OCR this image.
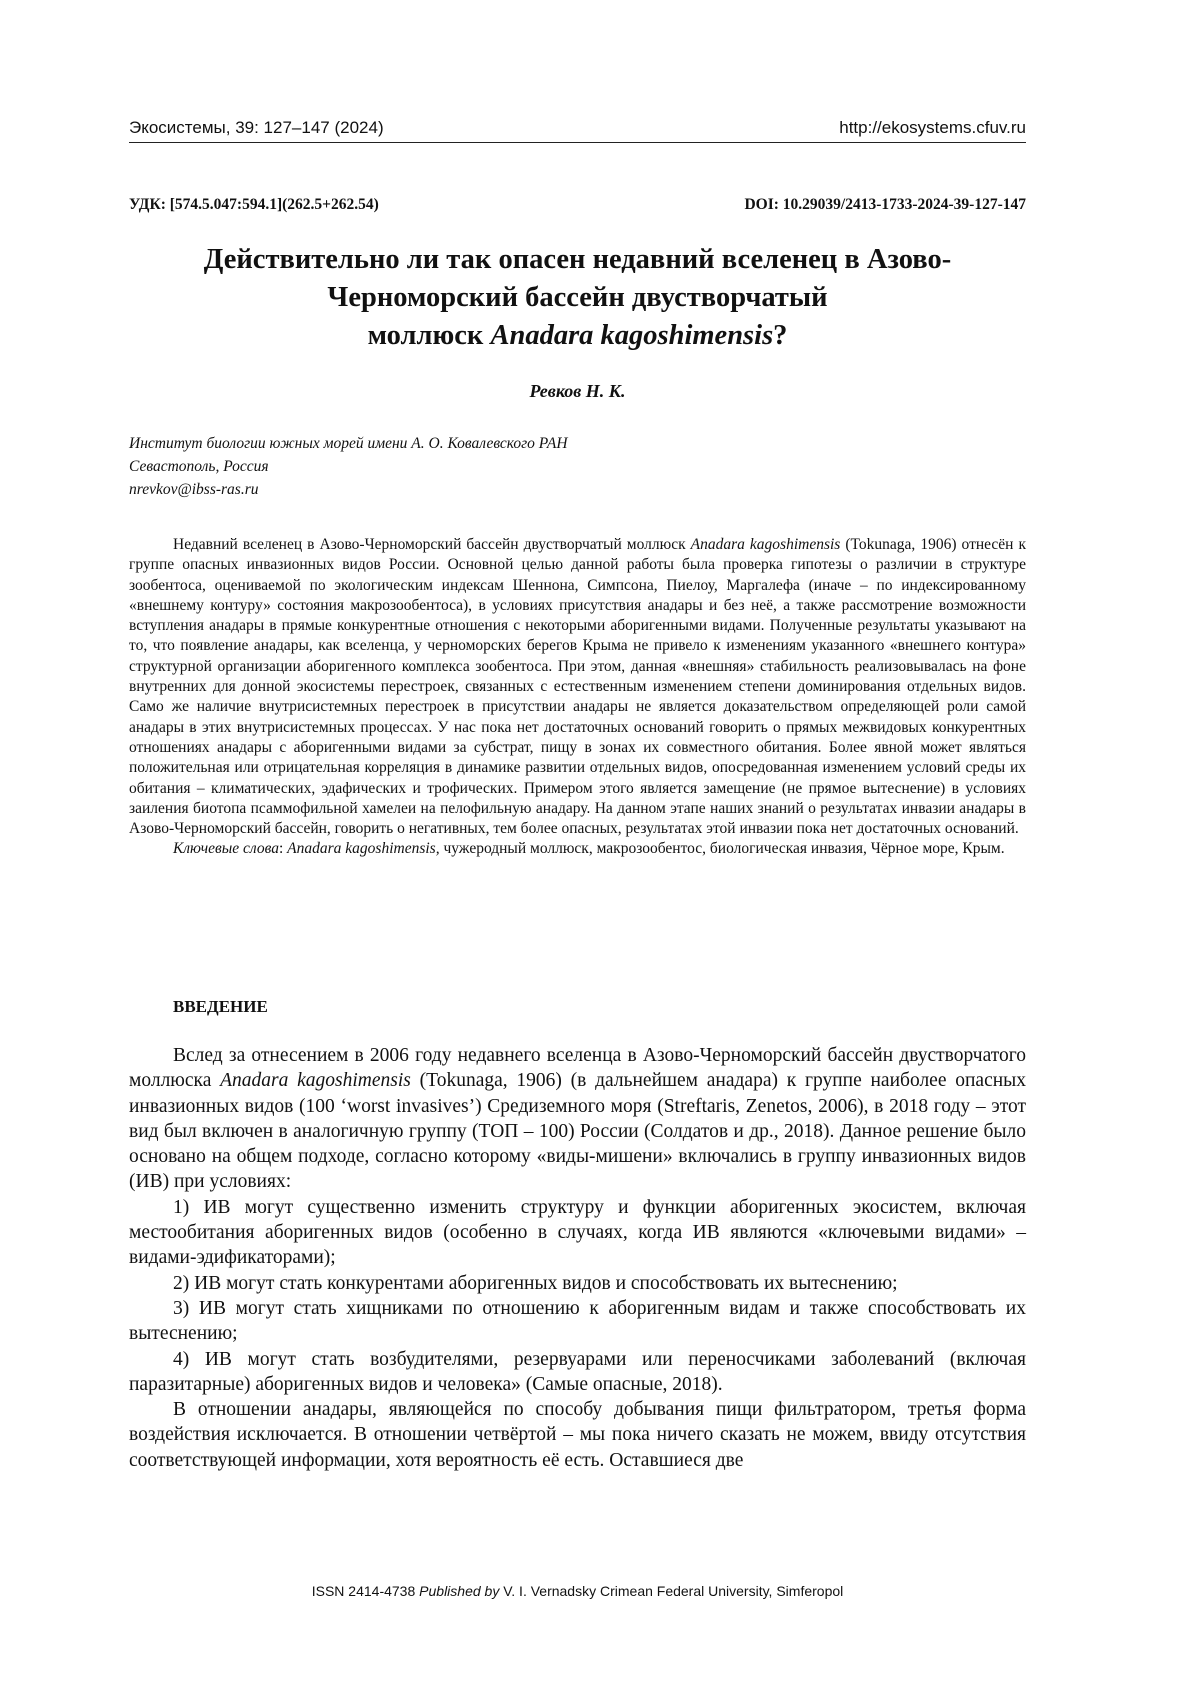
Экосистемы, 39: 127–147 (2024)	http://ekosystems.cfuv.ru
УДК: [574.5.047:594.1](262.5+262.54)	DOI: 10.29039/2413-1733-2024-39-127-147
Действительно ли так опасен недавний вселенец в Азово-
Черноморский бассейн двустворчатый
моллюск Anadara kagoshimensis?
Ревков Н. К.
Институт биологии южных морей имени А. О. Ковалевского РАН
Севастополь, Россия
nrevkov@ibss-ras.ru

Недавний вселенец в Азово-Черноморский бассейн двустворчатый моллюск Anadara kagoshimensis (Tokunaga, 1906) отнесён к группе опасных инвазионных видов России. Основной целью данной работы была проверка гипотезы о различии в структуре зообентоса, оцениваемой по экологическим индексам Шеннона, Симпсона, Пиелоу, Маргалефа (иначе – по индексированному «внешнему контуру» состояния макрозообентоса), в условиях присутствия анадары и без неё, а также рассмотрение возможности вступления анадары в прямые конкурентные отношения с некоторыми аборигенными видами. Полученные результаты указывают на то, что появление анадары, как вселенца, у черноморских берегов Крыма не привело к изменениям указанного «внешнего контура» структурной организации аборигенного комплекса зообентоса. При этом, данная «внешняя» стабильность реализовывалась на фоне внутренних для донной экосистемы перестроек, связанных с естественным изменением степени доминирования отдельных видов. Само же наличие внутрисистемных перестроек в присутствии анадары не является доказательством определяющей роли самой анадары в этих внутрисистемных процессах. У нас пока нет достаточных оснований говорить о прямых межвидовых конкурентных отношениях анадары с аборигенными видами за субстрат, пищу в зонах их совместного обитания. Более явной может являться положительная или отрицательная корреляция в динамике развитии отдельных видов, опосредованная изменением условий среды их обитания – климатических, эдафических и трофических. Примером этого является замещение (не прямое вытеснение) в условиях заиления биотопа псаммофильной хамелеи на пелофильную анадару. На данном этапе наших знаний о результатах инвазии анадары в Азово-Черноморский бассейн, говорить о негативных, тем более опасных, результатах этой инвазии пока нет достаточных оснований.

Ключевые слова: Anadara kagoshimensis, чужеродный моллюск, макрозообентос, биологическая инвазия, Чёрное море, Крым.

ВВЕДЕНИЕ

Вслед за отнесением в 2006 году недавнего вселенца в Азово-Черноморский бассейн двустворчатого моллюска Anadara kagoshimensis (Tokunaga, 1906) (в дальнейшем анадара) к группе наиболее опасных инвазионных видов (100 ‘worst invasives’) Средиземного моря (Streftaris, Zenetos, 2006), в 2018 году – этот вид был включен в аналогичную группу (ТОП – 100) России (Солдатов и др., 2018). Данное решение было основано на общем подходе, согласно которому «виды-мишени» включались в группу инвазионных видов (ИВ) при условиях:

1) ИВ могут существенно изменить структуру и функции аборигенных экосистем, включая местообитания аборигенных видов (особенно в случаях, когда ИВ являются «ключевыми видами» – видами-эдификаторами);

2) ИВ могут стать конкурентами аборигенных видов и способствовать их вытеснению;

3) ИВ могут стать хищниками по отношению к аборигенным видам и также способствовать их вытеснению;

4) ИВ могут стать возбудителями, резервуарами или переносчиками заболеваний (включая паразитарные) аборигенных видов и человека» (Самые опасные, 2018).

В отношении анадары, являющейся по способу добывания пищи фильтратором, третья форма воздействия исключается. В отношении четвёртой – мы пока ничего сказать не можем, ввиду отсутствия соответствующей информации, хотя вероятность её есть. Оставшиеся две

ISSN 2414-4738 Published by V. I. Vernadsky Crimean Federal University, Simferopol
